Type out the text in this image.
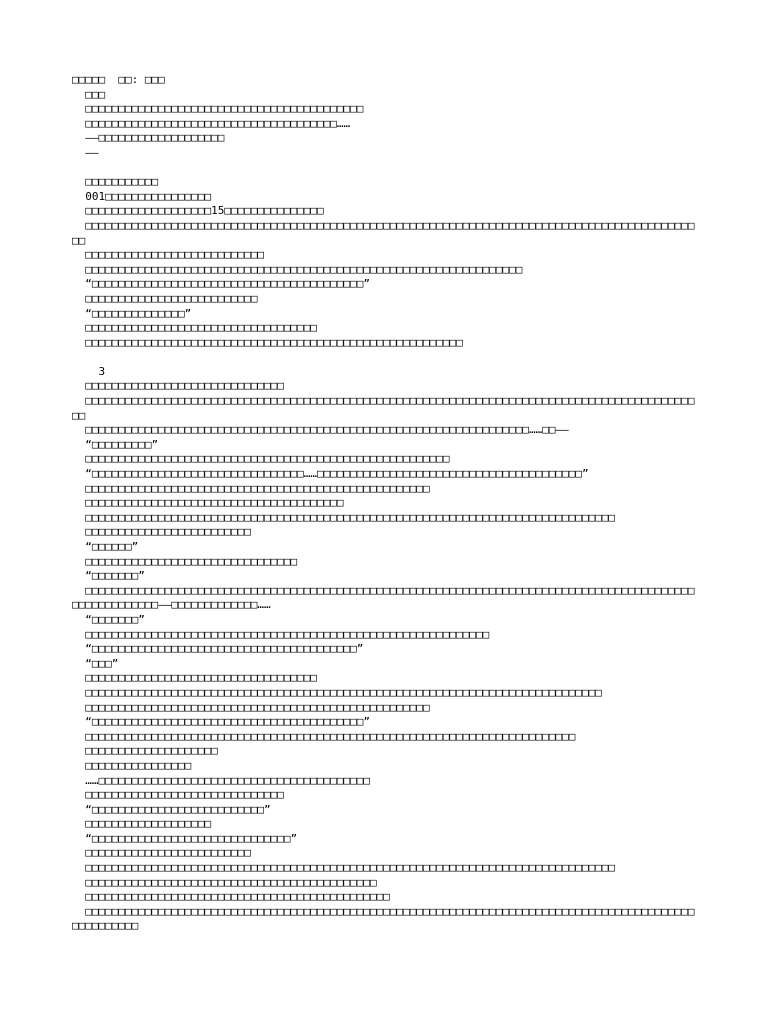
□□□□□  □□: □□□
□□□
□□□□□□□□□□□□□□□□□□□□□□□□□□□□□□□□□□□□□□□□□□
□□□□□□□□□□□□□□□□□□□□□□□□□□□□□□□□□□□□□□……
——□□□□□□□□□□□□□□□□□□□
——
□□□□□□□□□□□
001□□□□□□□□□□□□□□□□
□□□□□□□□□□□□□□□□□□□15□□□□□□□□□□□□□□□
□□□□□□□□□□□□□□□□□□□□□□□□□□□□□□□□□□□□□□□□□□□□□□□□□□□□□□□□□□□□□□□□□□□□□□□□□□□□□□□□□□□□□□□□□□□□□□
□□□□□□□□□□□□□□□□□□□□□□□□□□□
□□□□□□□□□□□□□□□□□□□□□□□□□□□□□□□□□□□□□□□□□□□□□□□□□□□□□□□□□□□□□□□□□□
“□□□□□□□□□□□□□□□□□□□□□□□□□□□□□□□□□□□□□□□□□”
□□□□□□□□□□□□□□□□□□□□□□□□□□
“□□□□□□□□□□□□□□”
□□□□□□□□□□□□□□□□□□□□□□□□□□□□□□□□□□□
□□□□□□□□□□□□□□□□□□□□□□□□□□□□□□□□□□□□□□□□□□□□□□□□□□□□□□□□□
3
□□□□□□□□□□□□□□□□□□□□□□□□□□□□□□
□□□□□□□□□□□□□□□□□□□□□□□□□□□□□□□□□□□□□□□□□□□□□□□□□□□□□□□□□□□□□□□□□□□□□□□□□□□□□□□□□□□□□□□□□□□□□□
□□□□□□□□□□□□□□□□□□□□□□□□□□□□□□□□□□□□□□□□□□□□□□□□□□□□□□□□□□□□□□□□□□□……□□——
“□□□□□□□□□”
□□□□□□□□□□□□□□□□□□□□□□□□□□□□□□□□□□□□□□□□□□□□□□□□□□□□□□□
“□□□□□□□□□□□□□□□□□□□□□□□□□□□□□□□□……□□□□□□□□□□□□□□□□□□□□□□□□□□□□□□□□□□□□□□□□”
□□□□□□□□□□□□□□□□□□□□□□□□□□□□□□□□□□□□□□□□□□□□□□□□□□□□
□□□□□□□□□□□□□□□□□□□□□□□□□□□□□□□□□□□□□□□
□□□□□□□□□□□□□□□□□□□□□□□□□□□□□□□□□□□□□□□□□□□□□□□□□□□□□□□□□□□□□□□□□□□□□□□□□□□□□□□□
□□□□□□□□□□□□□□□□□□□□□□□□□
“□□□□□□”
□□□□□□□□□□□□□□□□□□□□□□□□□□□□□□□□
“□□□□□□□”
□□□□□□□□□□□□□□□□□□□□□□□□□□□□□□□□□□□□□□□□□□□□□□□□□□□□□□□□□□□□□□□□□□□□□□□□□□□□□□□□□□□□□□□□□□□□□□□□□□□□□□□□□——□□□□□□□□□□□□□……
“□□□□□□□”
□□□□□□□□□□□□□□□□□□□□□□□□□□□□□□□□□□□□□□□□□□□□□□□□□□□□□□□□□□□□□
“□□□□□□□□□□□□□□□□□□□□□□□□□□□□□□□□□□□□□□□□”
“□□□”
□□□□□□□□□□□□□□□□□□□□□□□□□□□□□□□□□□□
□□□□□□□□□□□□□□□□□□□□□□□□□□□□□□□□□□□□□□□□□□□□□□□□□□□□□□□□□□□□□□□□□□□□□□□□□□□□□□
□□□□□□□□□□□□□□□□□□□□□□□□□□□□□□□□□□□□□□□□□□□□□□□□□□□□
“□□□□□□□□□□□□□□□□□□□□□□□□□□□□□□□□□□□□□□□□□”
□□□□□□□□□□□□□□□□□□□□□□□□□□□□□□□□□□□□□□□□□□□□□□□□□□□□□□□□□□□□□□□□□□□□□□□□□□
□□□□□□□□□□□□□□□□□□□□
□□□□□□□□□□□□□□□□
……□□□□□□□□□□□□□□□□□□□□□□□□□□□□□□□□□□□□□□□□□
□□□□□□□□□□□□□□□□□□□□□□□□□□□□□□
“□□□□□□□□□□□□□□□□□□□□□□□□□□”
□□□□□□□□□□□□□□□□□□□
“□□□□□□□□□□□□□□□□□□□□□□□□□□□□□□”
□□□□□□□□□□□□□□□□□□□□□□□□□
□□□□□□□□□□□□□□□□□□□□□□□□□□□□□□□□□□□□□□□□□□□□□□□□□□□□□□□□□□□□□□□□□□□□□□□□□□□□□□□□
□□□□□□□□□□□□□□□□□□□□□□□□□□□□□□□□□□□□□□□□□□□□
□□□□□□□□□□□□□□□□□□□□□□□□□□□□□□□□□□□□□□□□□□□□□□
□□□□□□□□□□□□□□□□□□□□□□□□□□□□□□□□□□□□□□□□□□□□□□□□□□□□□□□□□□□□□□□□□□□□□□□□□□□□□□□□□□□□□□□□□□□□□□□□□□□□□□
